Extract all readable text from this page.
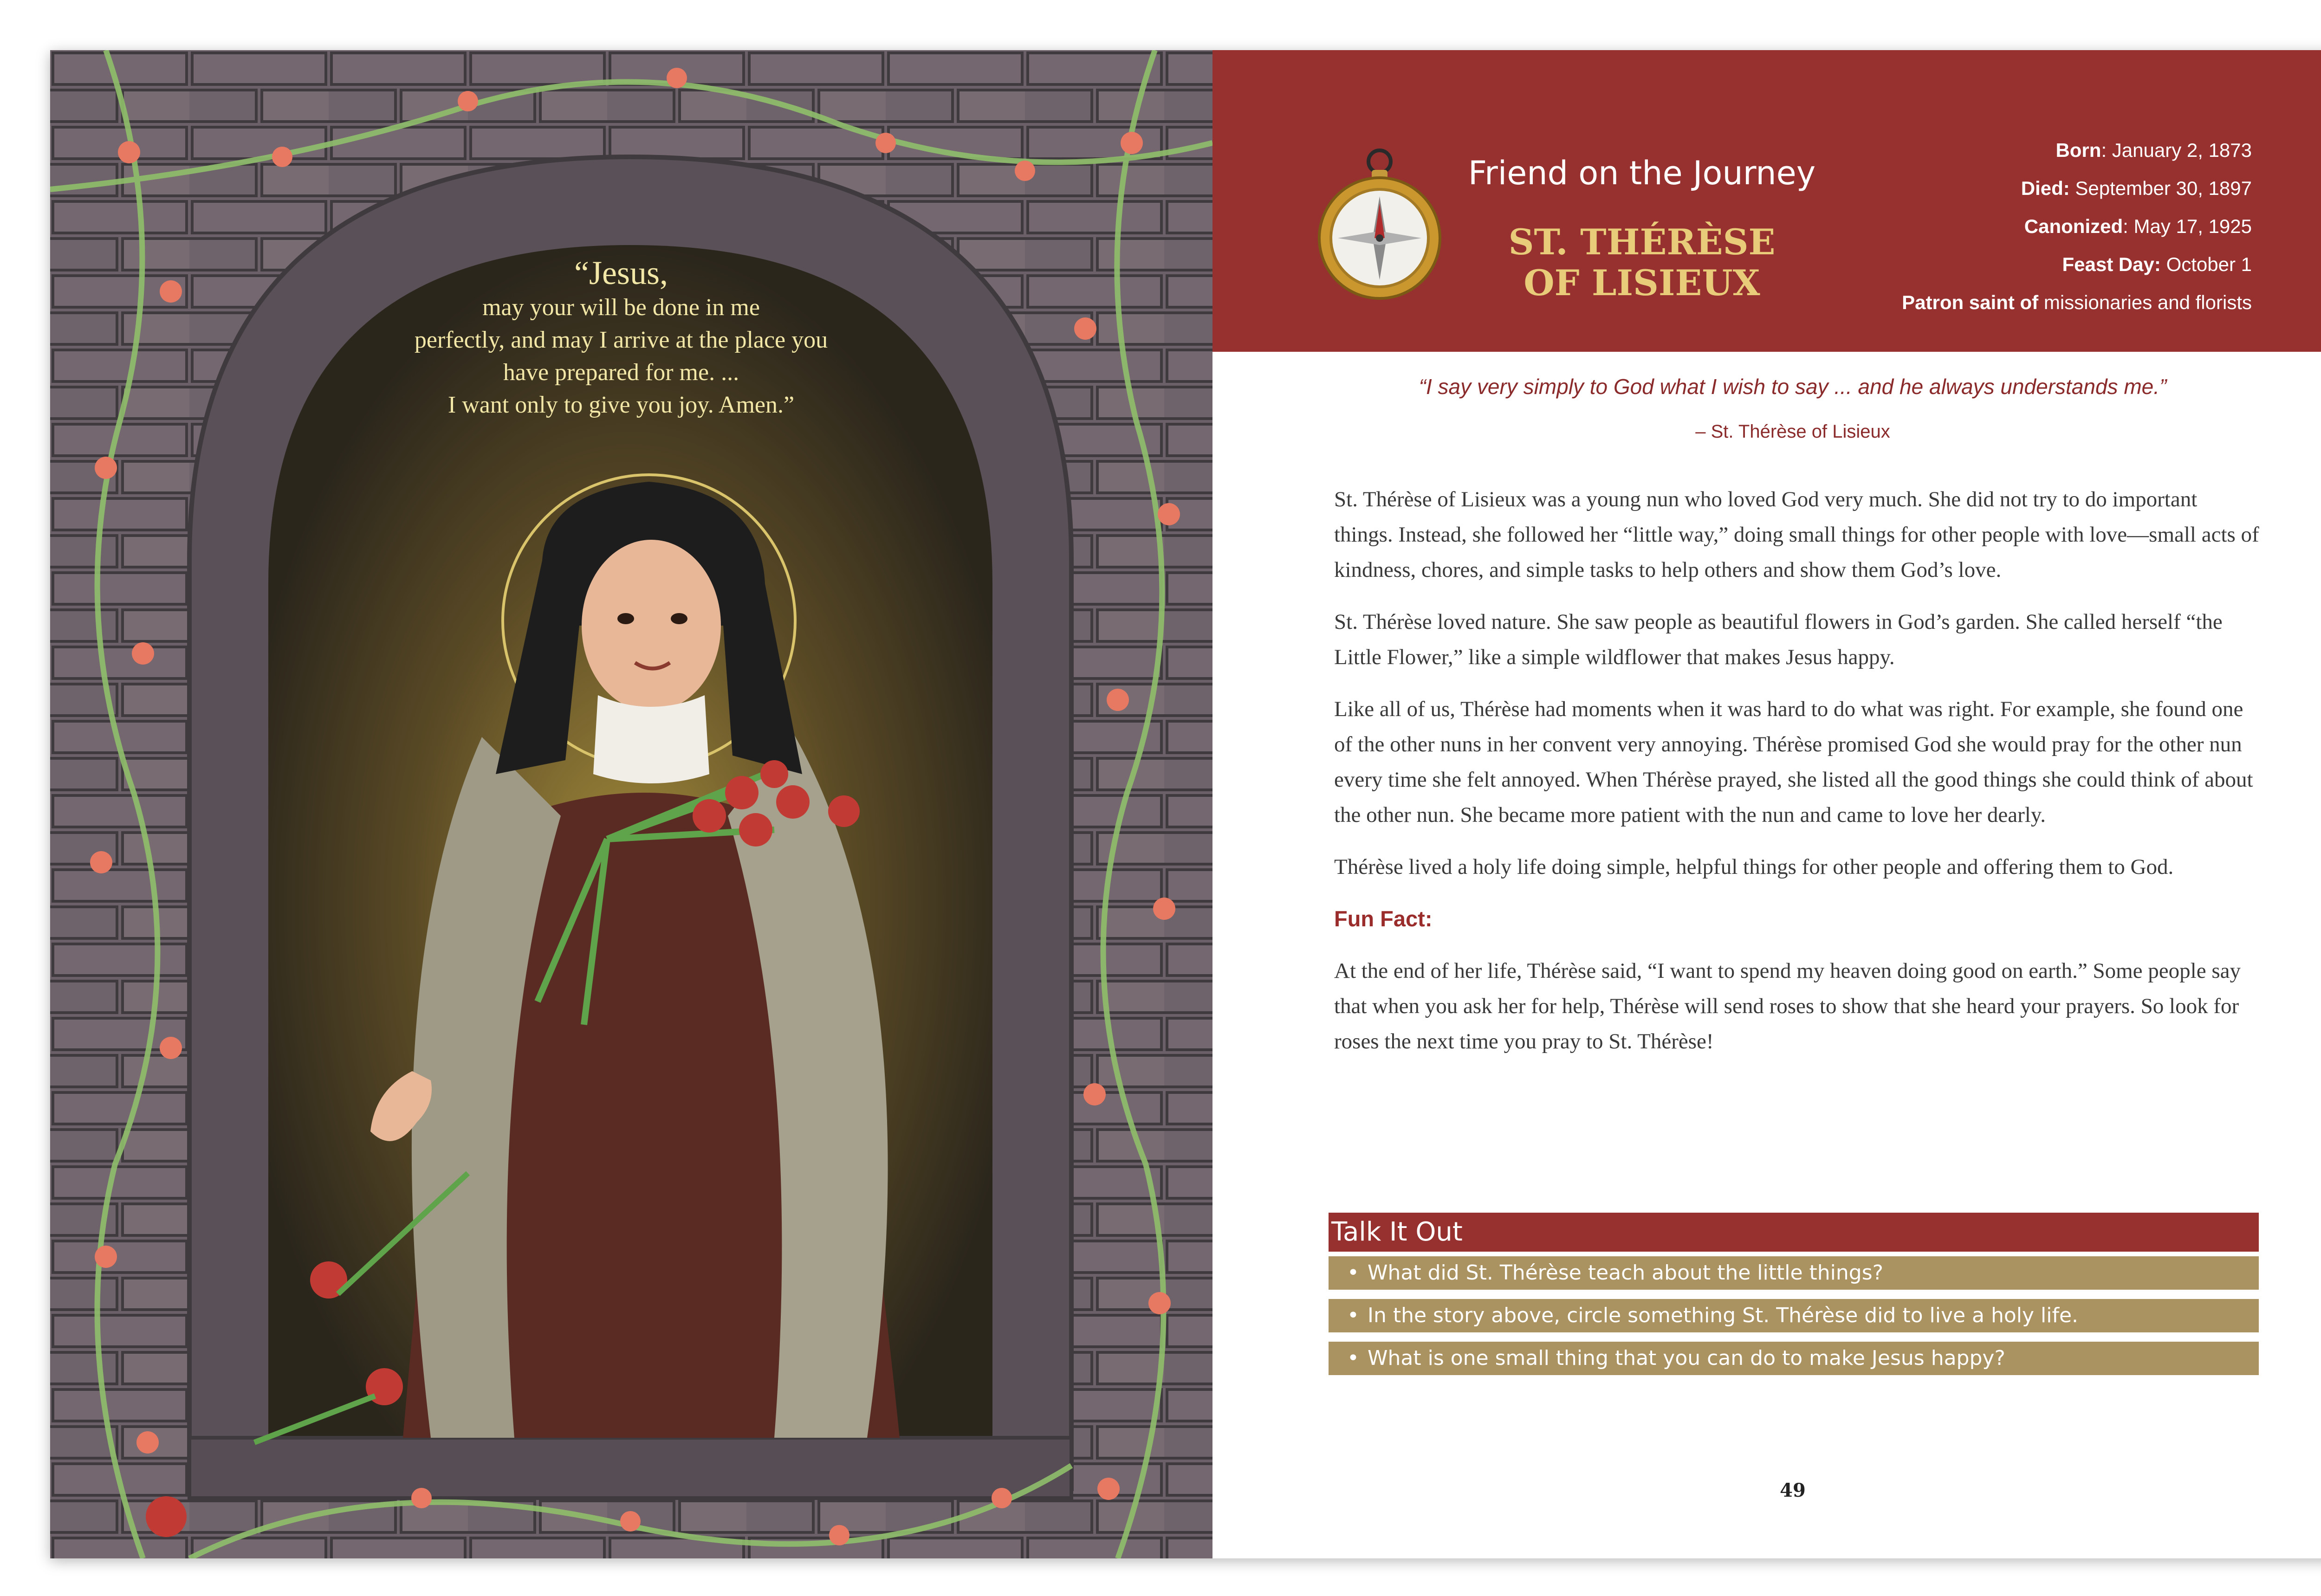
“Jesus,
may your will be done in me
perfectly, and may I arrive at the place you
have prepared for me. ...
I want only to give you joy. Amen.”
Friend on the Journey
ST. THÉRÈSE
OF LISIEUX
Born: January 2, 1873
Died: September 30, 1897
Canonized: May 17, 1925
Feast Day: October 1
Patron saint of missionaries and florists
“I say very simply to God what I wish to say ... and he always understands me.”
– St. Thérèse of Lisieux

St. Thérèse of Lisieux was a young nun who loved God very much. She did not try to do important things. Instead, she followed her “little way,” doing small things for other people with love—small acts of kindness, chores, and simple tasks to help others and show them God’s love.

St. Thérèse loved nature. She saw people as beautiful flowers in God’s garden. She called herself “the Little Flower,” like a simple wildflower that makes Jesus happy.

Like all of us, Thérèse had moments when it was hard to do what was right. For example, she found one of the other nuns in her convent very annoying. Thérèse promised God she would pray for the other nun every time she felt annoyed. When Thérèse prayed, she listed all the good things she could think of about the other nun. She became more patient with the nun and came to love her dearly.

Thérèse lived a holy life doing simple, helpful things for other people and offering them to God.

Fun Fact:

At the end of her life, Thérèse said, “I want to spend my heaven doing good on earth.” Some people say that when you ask her for help, Thérèse will send roses to show that she heard your prayers. So look for roses the next time you pray to St. Thérèse!

Talk It Out
• What did St. Thérèse teach about the little things?
• In the story above, circle something St. Thérèse did to live a holy life.
• What is one small thing that you can do to make Jesus happy?
49
